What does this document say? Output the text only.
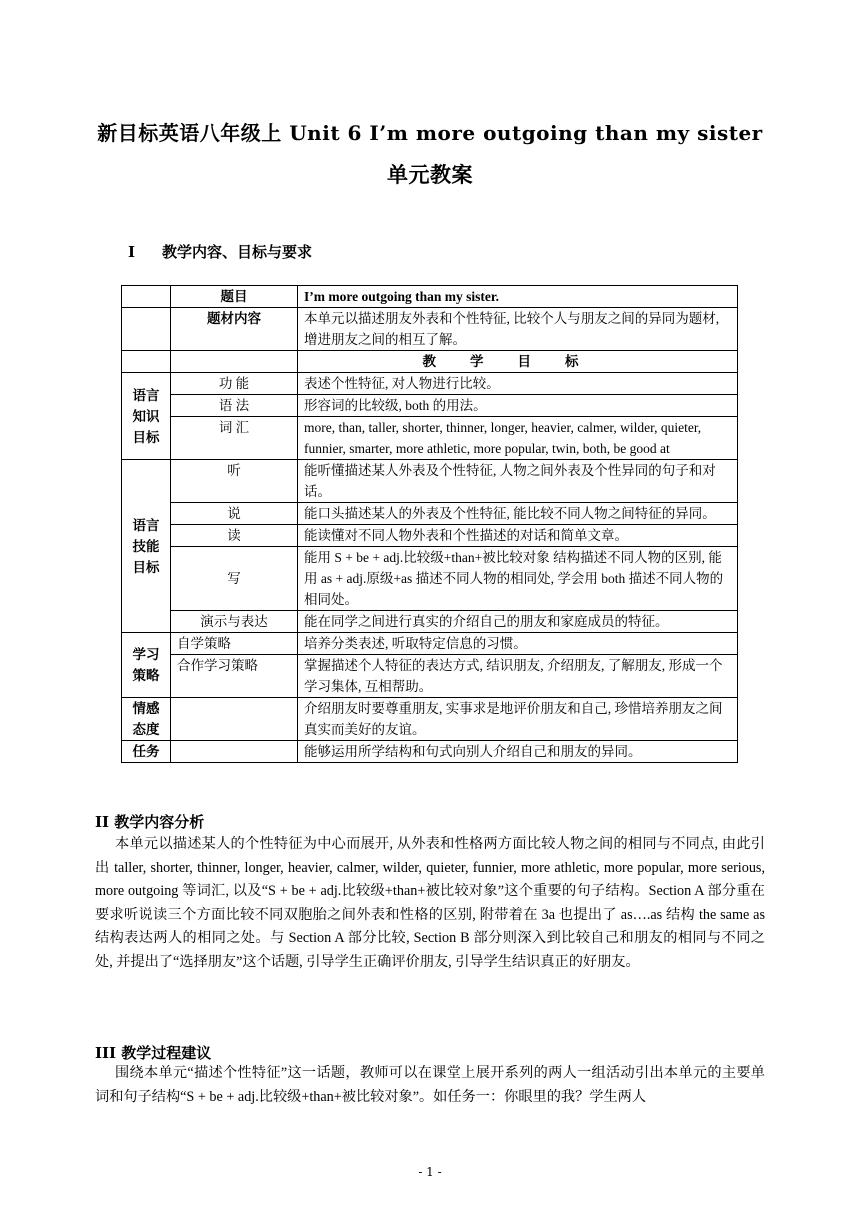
新目标英语八年级上 Unit 6 I’m more outgoing than my sister
单元教案
I 教学内容、目标与要求
	题目	I’m more outgoing than my sister.
	题材内容	本单元以描述朋友外表和个性特征, 比较个人与朋友之间的异同为题材, 增进朋友之间的相互了解。
		教学目标
语言知识目标	功 能	表述个性特征, 对人物进行比较。
	语 法	形容词的比较级, both 的用法。
	词 汇	more, than, taller, shorter, thinner, longer, heavier, calmer, wilder, quieter, funnier, smarter, more athletic, more popular, twin, both, be good at
语言技能目标	听	能听懂描述某人外表及个性特征, 人物之间外表及个性异同的句子和对话。
	说	能口头描述某人的外表及个性特征, 能比较不同人物之间特征的异同。
	读	能读懂对不同人物外表和个性描述的对话和简单文章。
	写	能用 S + be + adj.比较级+than+被比较对象 结构描述不同人物的区别, 能用 as + adj.原级+as 描述不同人物的相同处, 学会用 both 描述不同人物的相同处。
	演示与表达	能在同学之间进行真实的介绍自己的朋友和家庭成员的特征。
学习策略	自学策略	培养分类表述, 听取特定信息的习惯。
	合作学习策略	掌握描述个人特征的表达方式, 结识朋友, 介绍朋友, 了解朋友, 形成一个学习集体, 互相帮助。
情感态度		介绍朋友时要尊重朋友, 实事求是地评价朋友和自己, 珍惜培养朋友之间真实而美好的友谊。
任务		能够运用所学结构和句式向别人介绍自己和朋友的异同。
II 教学内容分析

本单元以描述某人的个性特征为中心而展开, 从外表和性格两方面比较人物之间的相同与不同点, 由此引出 taller, shorter, thinner, longer, heavier, calmer, wilder, quieter, funnier, more athletic, more popular, more serious, more outgoing 等词汇, 以及“S + be + adj.比较级+than+被比较对象”这个重要的句子结构。Section A 部分重在要求听说读三个方面比较不同双胞胎之间外表和性格的区别, 附带着在 3a 也提出了 as….as 结构 the same as 结构表达两人的相同之处。与 Section A 部分比较, Section B 部分则深入到比较自己和朋友的相同与不同之处, 并提出了“选择朋友”这个话题, 引导学生正确评价朋友, 引导学生结识真正的好朋友。

III 教学过程建议

围绕本单元“描述个性特征”这一话题，教师可以在课堂上展开系列的两人一组活动引出本单元的主要单词和句子结构“S + be + adj.比较级+than+被比较对象”。如任务一：你眼里的我？学生两人

- 1 -
